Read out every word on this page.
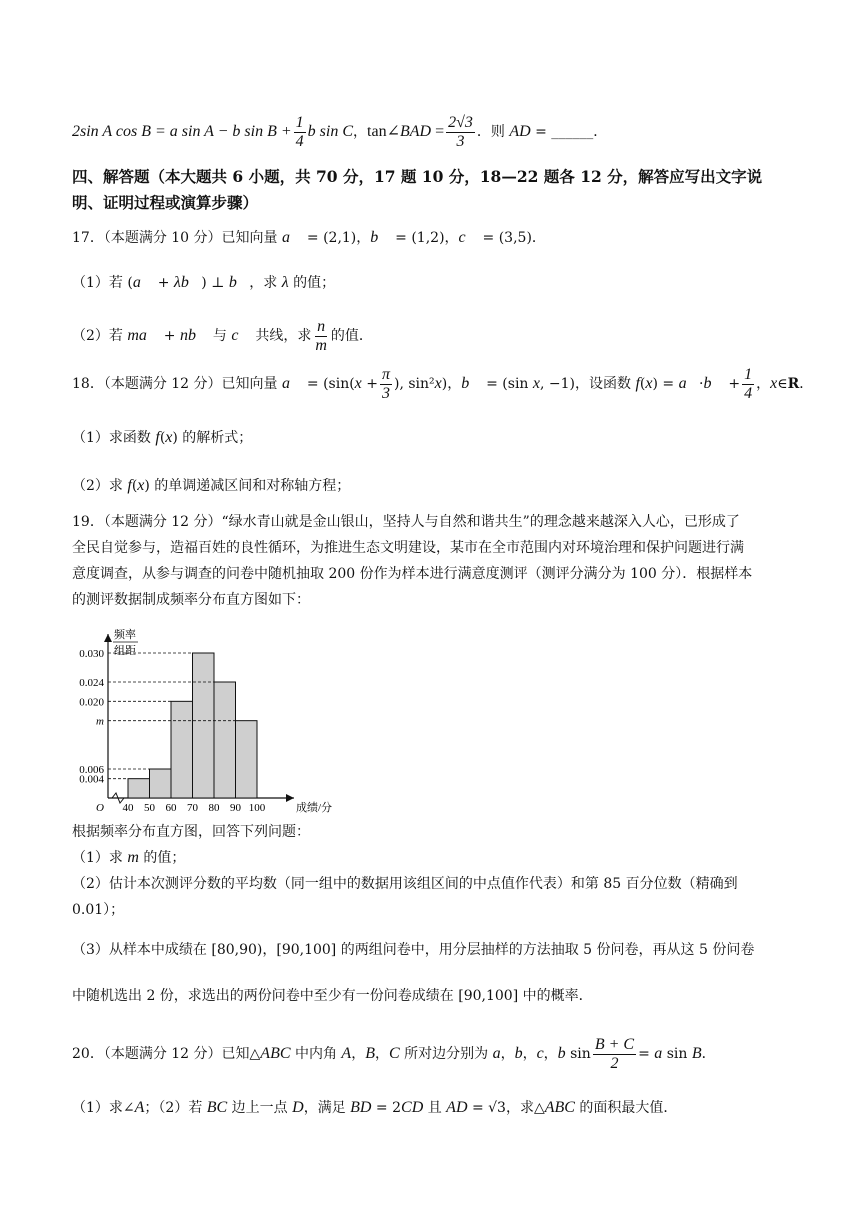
2sin A cos B = a sin A − b $\sin B + \frac{1}{4}$ b sin C ， tan∠BAD = $\frac{2√3}{3}$ ．则 AD = ______．
四、解答题（本大题共 6 小题，共 70 分，17 题 10 分，18—22 题各 12 分，解答应写出文字说明、证明过程或演算步骤）
17．（本题满分 10 分）已知向量 a⃗ = (2,1)，b⃗ = (1,2)，c⃗ = (3,5)．
（1）若 (a⃗ + λb⃗) ⊥ b⃗，求 λ 的值；
（2）若 ma⃗ + nb⃗ 与 c⃗ 共线，求 $\frac{n}{m}$ 的值．
18．（本题满分 12 分）已知向量 a⃗ = ($\sin(x + \frac{\pi}{3}$ ), sin²x)，b⃗ = (sin x, −1)，设函数 f(x) = a⃗·b⃗ + $\frac{1}{4}$ ，x∈R．
（1）求函数 f(x) 的解析式；
（2）求 f(x) 的单调递减区间和对称轴方程；
19．（本题满分 12 分）“绿水青山就是金山银山，坚持人与自然和谐共生”的理念越来越深入人心，已形成了
全民自觉参与，造福百姓的良性循环，为推进生态文明建设，某市在全市范围内对环境治理和保护问题进行满
意度调查，从参与调查的问卷中随机抽取 200 份作为样本进行满意度测评（测评分满分为 100 分）．根据样本
的测评数据制成频率分布直方图如下：
频率
组距
0.030
0.024
0.020
m
0.006
0.004
40 50 60 70 80 90 100
O	成绩/分
根据频率分布直方图，回答下列问题：
（1）求 m 的值；
（2）估计本次测评分数的平均数（同一组中的数据用该组区间的中点值作代表）和第 85 百分位数（精确到
0.01）；
（3）从样本中成绩在 [80,90)，[90,100] 的两组问卷中，用分层抽样的方法抽取 5 份问卷，再从这 5 份问卷
中随机选出 2 份，求选出的两份问卷中至少有一份问卷成绩在 [90,100] 中的概率．
20．（本题满分 12 分）已知△ABC 中内角 A，B，C 所对边分别为 a，b，c，b $\sin \frac{B + C}{2} = a$ sin B．
（1）求∠A；（2）若 BC 边上一点 D，满足 BD = 2CD 且 AD = √3，求△ABC 的面积最大值．
